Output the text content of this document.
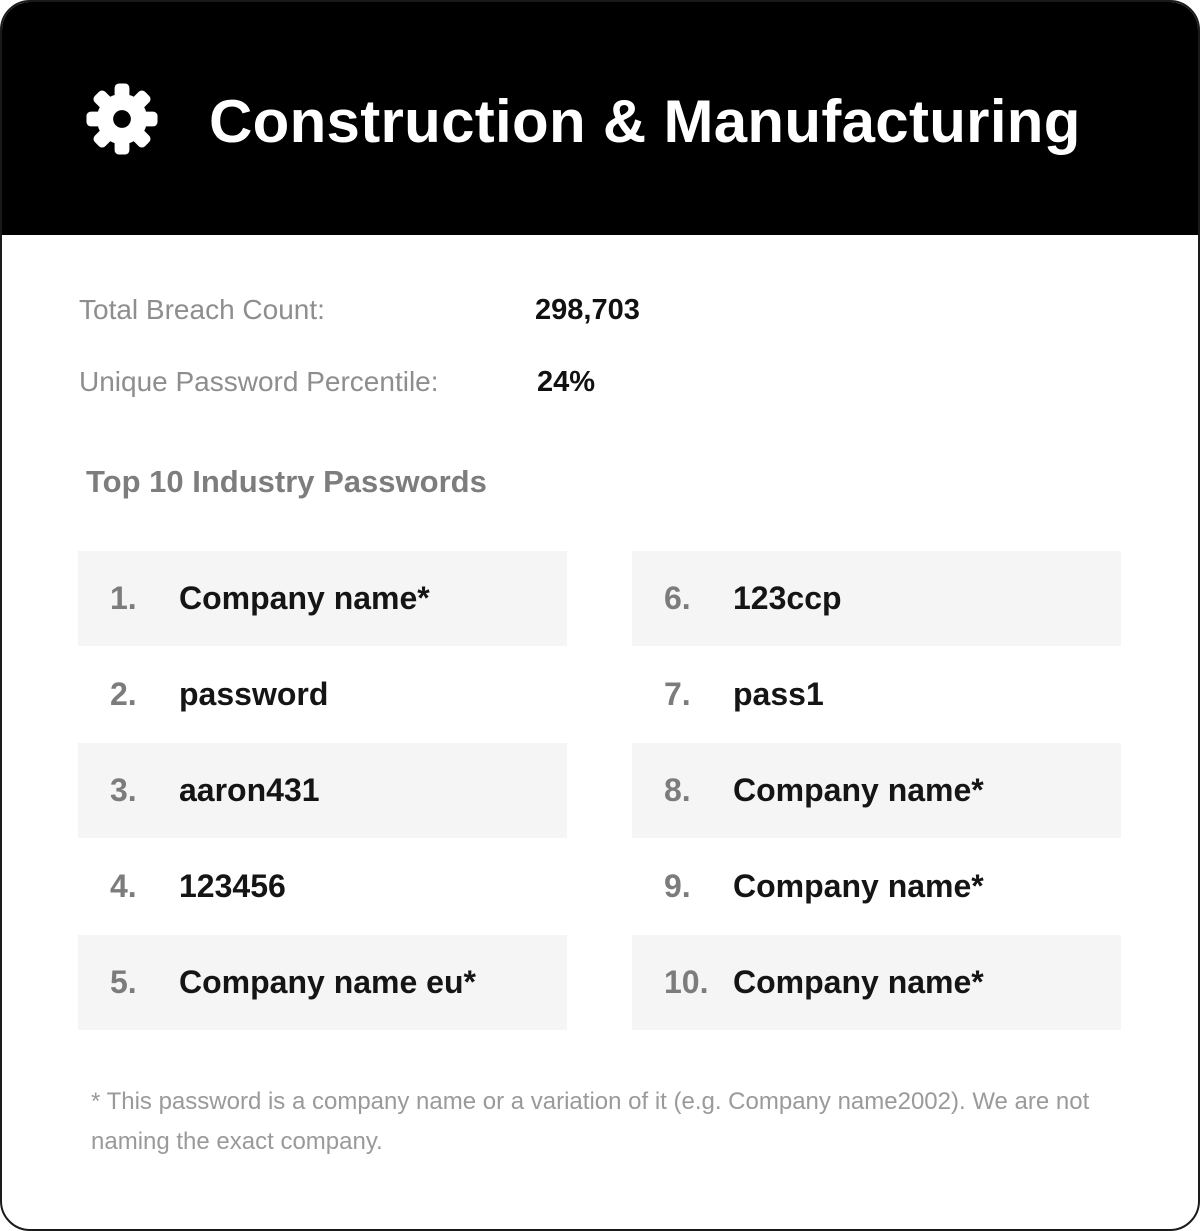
Construction & Manufacturing
Total Breach Count:	298,703
Unique Password Percentile:	24%
Top 10 Industry Passwords
1. Company name*
2. password
3. aaron431
4. 123456
5. Company name eu*
6. 123ccp
7. pass1
8. Company name*
9. Company name*
10. Company name*
* This password is a company name or a variation of it (e.g. Company name2002). We are not naming the exact company.
